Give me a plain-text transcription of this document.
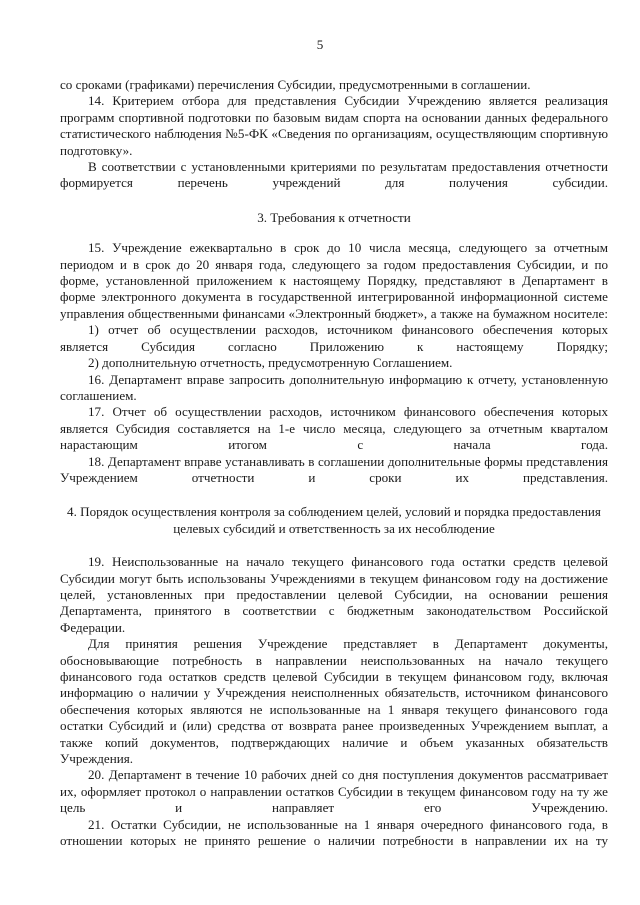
5

со сроками (графиками) перечисления Субсидии, предусмотренными в соглашении.

14. Критерием отбора для представления Субсидии Учреждению является реализация программ спортивной подготовки по базовым видам спорта на основании данных федерального статистического наблюдения №5-ФК «Сведения по организациям, осуществляющим спортивную подготовку».

В соответствии с установленными критериями по результатам предоставления отчетности формируется перечень учреждений для получения субсидии.

3. Требования к отчетности

15. Учреждение ежеквартально в срок до 10 числа месяца, следующего за отчетным периодом и в срок до 20 января года, следующего за годом предоставления Субсидии, и по форме, установленной приложением к настоящему Порядку, представляют в Департамент в форме электронного документа в государственной интегрированной информационной системе управления общественными финансами «Электронный бюджет», а также на бумажном носителе:

1) отчет об осуществлении расходов, источником финансового обеспечения которых является Субсидия согласно Приложению к настоящему Порядку;

2) дополнительную отчетность, предусмотренную Соглашением.

16. Департамент вправе запросить дополнительную информацию к отчету, установленную соглашением.

17. Отчет об осуществлении расходов, источником финансового обеспечения которых является Субсидия составляется на 1-е число месяца, следующего за отчетным кварталом нарастающим итогом с начала года.

18. Департамент вправе устанавливать в соглашении дополнительные формы представления Учреждением отчетности и сроки их представления.

4. Порядок осуществления контроля за соблюдением целей, условий и порядка предоставления целевых субсидий и ответственность за их несоблюдение

19. Неиспользованные на начало текущего финансового года остатки средств целевой Субсидии могут быть использованы Учреждениями в текущем финансовом году на достижение целей, установленных при предоставлении целевой Субсидии, на основании решения Департамента, принятого в соответствии с бюджетным законодательством Российской Федерации.

Для принятия решения Учреждение представляет в Департамент документы, обосновывающие потребность в направлении неиспользованных на начало текущего финансового года остатков средств целевой Субсидии в текущем финансовом году, включая информацию о наличии у Учреждения неисполненных обязательств, источником финансового обеспечения которых являются не использованные на 1 января текущего финансового года остатки Субсидий и (или) средства от возврата ранее произведенных Учреждением выплат, а также копий документов, подтверждающих наличие и объем указанных обязательств Учреждения.

20. Департамент в течение 10 рабочих дней со дня поступления документов рассматривает их, оформляет протокол о направлении остатков Субсидии в текущем финансовом году на ту же цель и направляет его Учреждению.

21. Остатки Субсидии, не использованные на 1 января очередного финансового года, в отношении которых не принято решение о наличии потребности в направлении их на ту
